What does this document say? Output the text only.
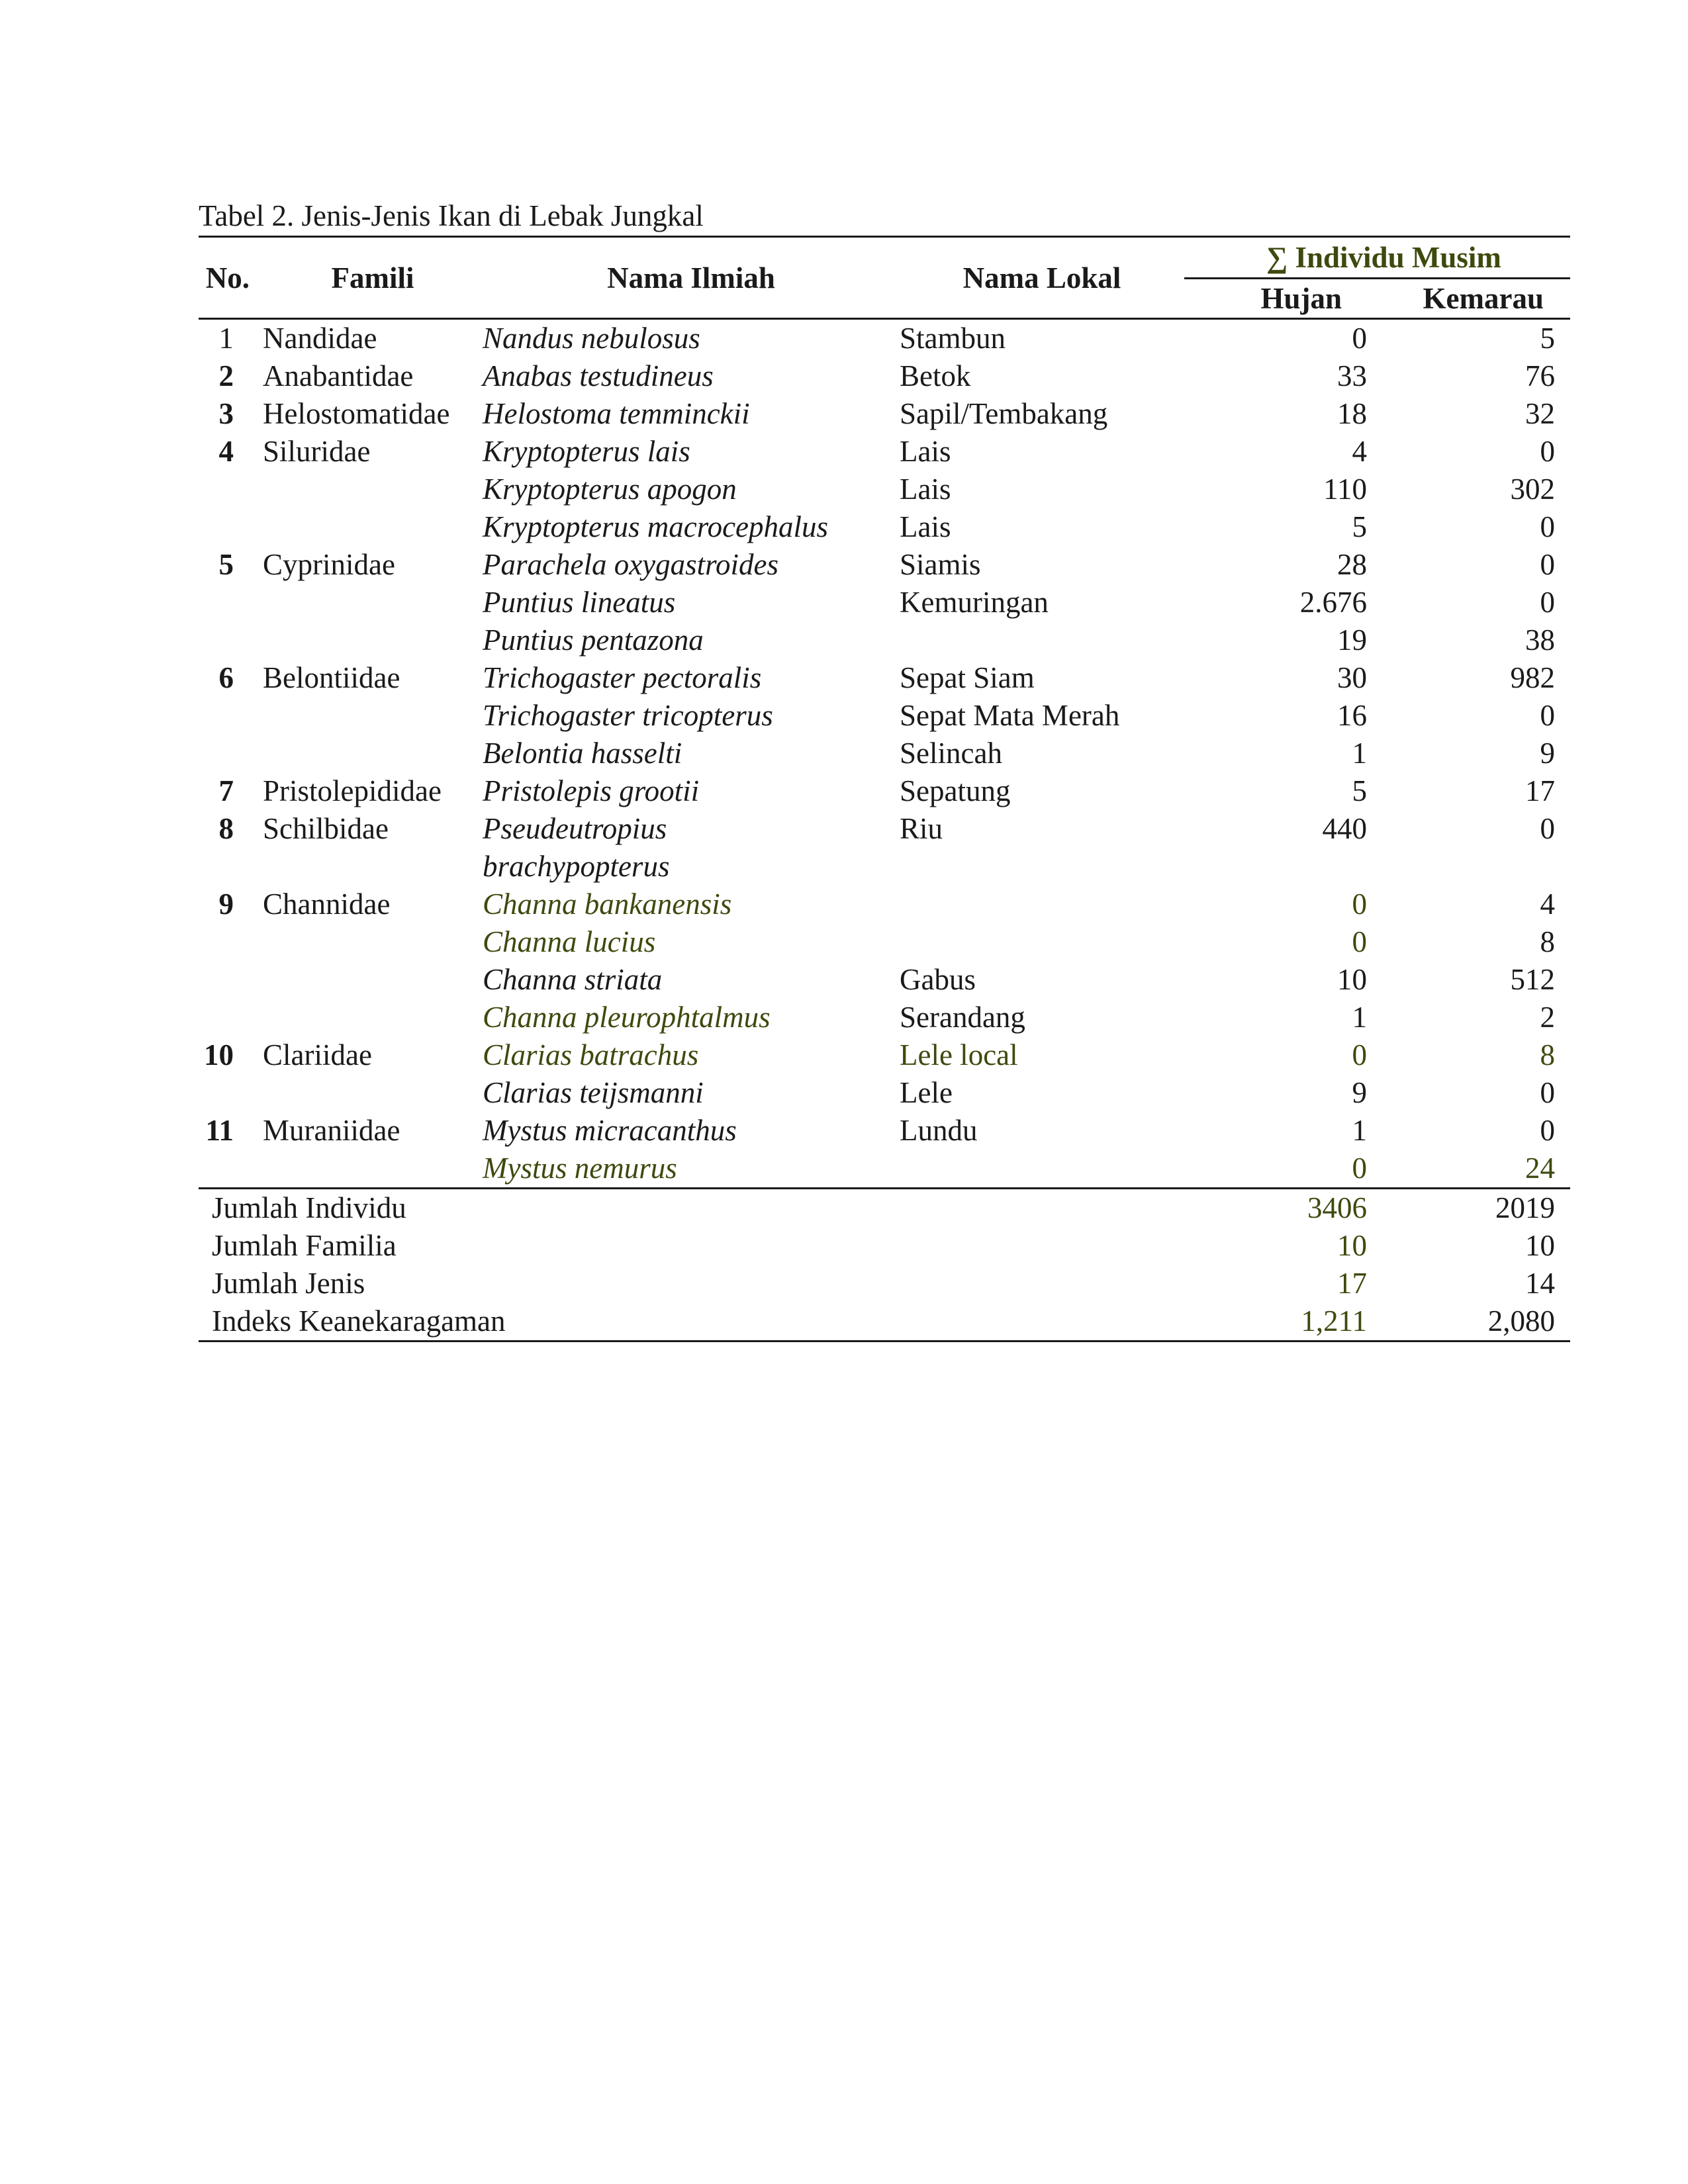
Tabel 2. Jenis-Jenis Ikan di Lebak Jungkal
No.	Famili	Nama Ilmiah	Nama Lokal	∑ Individu Musim	
				Hujan	Kemarau
1	Nandidae	Nandus nebulosus	Stambun	0	5
2	Anabantidae	Anabas testudineus	Betok	33	76
3	Helostomatidae	Helostoma temminckii	Sapil/Tembakang	18	32
4	Siluridae	Kryptopterus lais	Lais	4	0
		Kryptopterus apogon	Lais	110	302
		Kryptopterus macrocephalus	Lais	5	0
5	Cyprinidae	Parachela oxygastroides	Siamis	28	0
		Puntius lineatus	Kemuringan	2.676	0
		Puntius pentazona		19	38
6	Belontiidae	Trichogaster pectoralis	Sepat Siam	30	982
		Trichogaster tricopterus	Sepat Mata Merah	16	0
		Belontia hasselti	Selincah	1	9
7	Pristolepididae	Pristolepis grootii	Sepatung	5	17
8	Schilbidae	Pseudeutropius	Riu	440	0
		brachypopterus			
9	Channidae	Channa bankanensis		0	4
		Channa lucius		0	8
		Channa striata	Gabus	10	512
		Channa pleurophtalmus	Serandang	1	2
10	Clariidae	Clarias batrachus	Lele local	0	8
		Clarias teijsmanni	Lele	9	0
11	Muraniidae	Mystus micracanthus	Lundu	1	0
		Mystus nemurus		0	24
Jumlah Individu				3406	2019
Jumlah Familia				10	10
Jumlah Jenis				17	14
Indeks Keanekaragaman				1,211	2,080
